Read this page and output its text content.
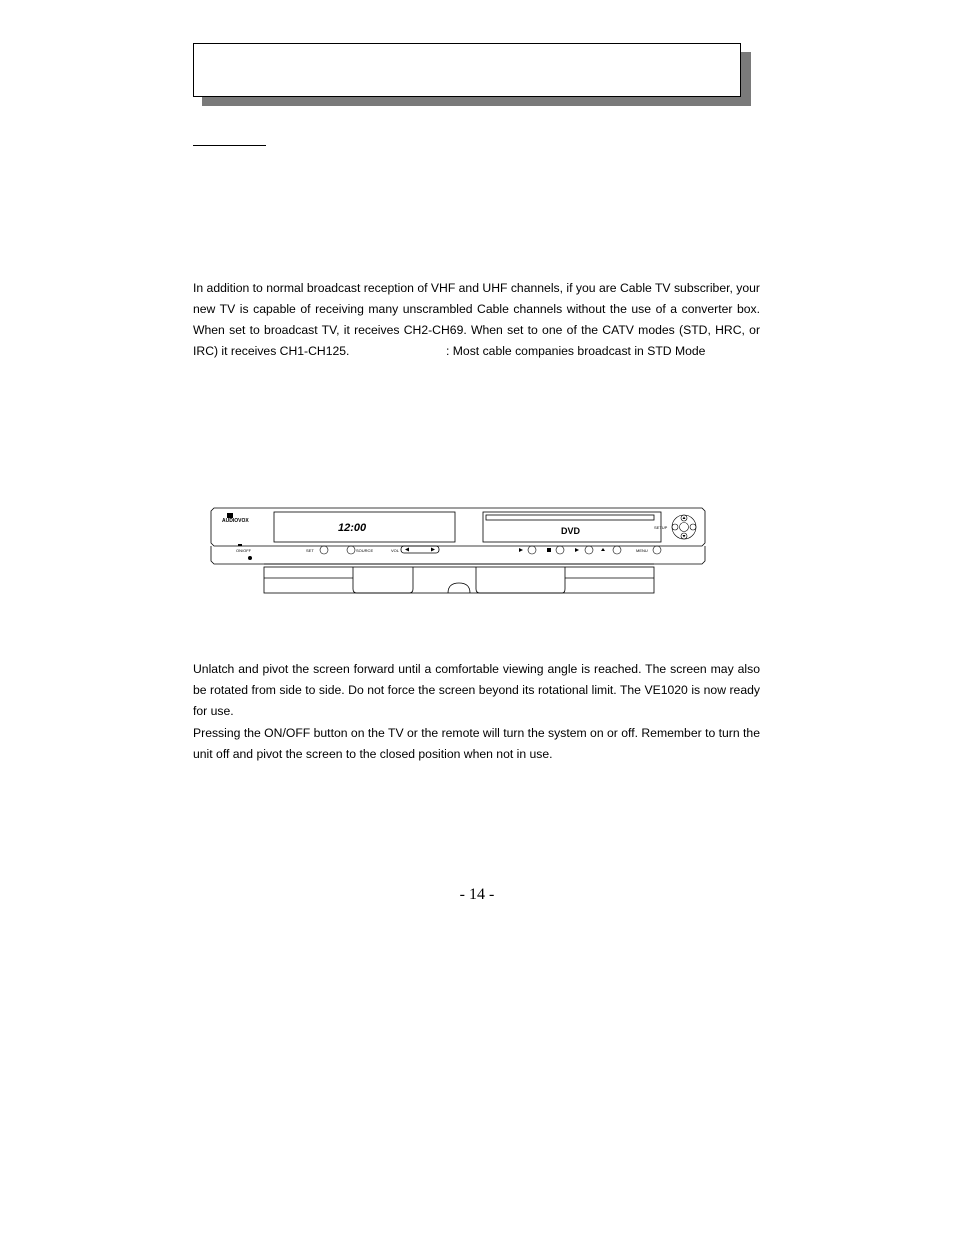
In addition to normal broadcast reception of VHF and UHF channels, if you are Cable TV subscriber, your new TV is capable of receiving many unscrambled Cable channels without the use of a converter box. When set to broadcast TV, it receives CH2-CH69. When set to one of the CATV modes (STD, HRC, or IRC) it receives CH1-CH125.	: Most cable companies broadcast in STD Mode
AUDIOVOX
12:00	DVD
ON/OFF	SET	SOURCE	VOL
SETUP
MENU

Unlatch and pivot the screen forward until a comfortable viewing angle is reached. The screen may also be rotated from side to side. Do not force the screen beyond its rotational limit. The VE1020 is now ready for use.

Pressing the ON/OFF button on the TV or the remote will turn the system on or off. Remember to turn the unit off and pivot the screen to the closed position when not in use.

- 14 -
